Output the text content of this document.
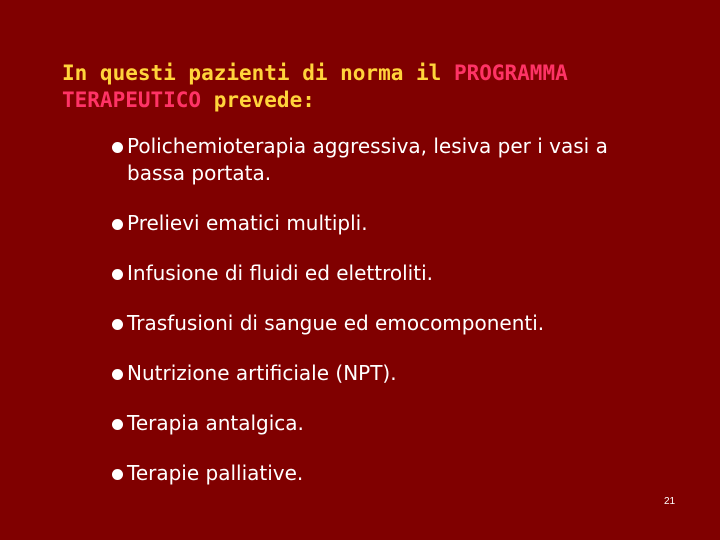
In questi pazienti di norma il PROGRAMMA TERAPEUTICO prevede:
Polichemioterapia aggressiva, lesiva per i vasi a bassa portata.
Prelievi ematici multipli.
Infusione di fluidi ed elettroliti.
Trasfusioni di sangue ed emocomponenti.
Nutrizione artificiale (NPT).
Terapia antalgica.
Terapie palliative.
21
